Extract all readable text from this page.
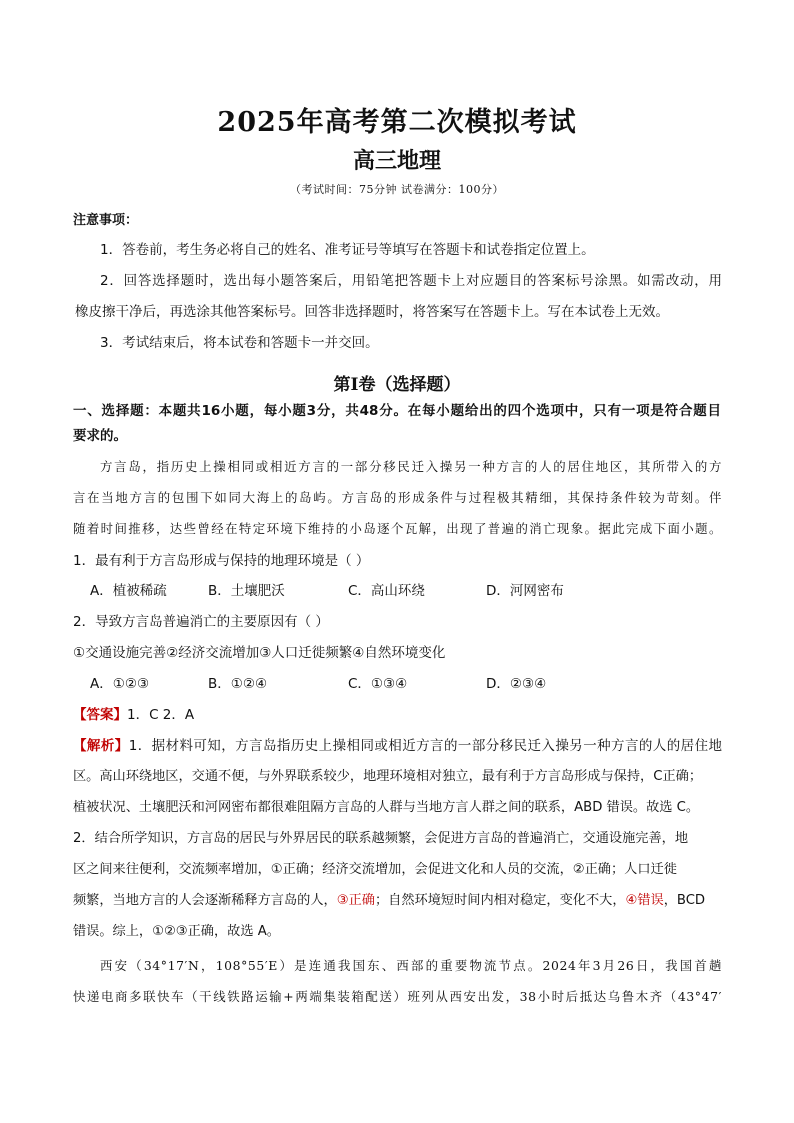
2025年高考第二次模拟考试
高三地理
（考试时间：75分钟 试卷满分：100分）
注意事项：
1．答卷前，考生务必将自己的姓名、准考证号等填写在答题卡和试卷指定位置上。
2．回答选择题时，选出每小题答案后，用铅笔把答题卡上对应题目的答案标号涂黑。如需改动，用
橡皮擦干净后，再选涂其他答案标号。回答非选择题时，将答案写在答题卡上。写在本试卷上无效。
3．考试结束后，将本试卷和答题卡一并交回。
第Ⅰ卷（选择题）
一、选择题：本题共16小题，每小题3分，共48分。在每小题给出的四个选项中，只有一项是符合题目
要求的。
方言岛，指历史上操相同或相近方言的一部分移民迁入操另一种方言的人的居住地区，其所带入的方
言在当地方言的包围下如同大海上的岛屿。方言岛的形成条件与过程极其精细，其保持条件较为苛刻。伴
随着时间推移，达些曾经在特定环境下维持的小岛逐个瓦解，出现了普遍的消亡现象。据此完成下面小题。
1．最有利于方言岛形成与保持的地理环境是（ ）
A．植被稀疏	B．土壤肥沃	C．高山环绕	D．河网密布
2．导致方言岛普遍消亡的主要原因有（ ）
①交通设施完善②经济交流增加③人口迁徙频繁④自然环境变化
A．①②③	B．①②④	C．①③④	D．②③④
【答案】1．C 2．A
【解析】1．据材料可知，方言岛指历史上操相同或相近方言的一部分移民迁入操另一种方言的人的居住地
区。高山环绕地区，交通不便，与外界联系较少，地理环境相对独立，最有利于方言岛形成与保持，C正确；
植被状况、土壤肥沃和河网密布都很难阻隔方言岛的人群与当地方言人群之间的联系，ABD 错误。故选 C。
2．结合所学知识，方言岛的居民与外界居民的联系越频繁，会促进方言岛的普遍消亡，交通设施完善，地
区之间来往便利，交流频率增加，①正确；经济交流增加，会促进文化和人员的交流，②正确；人口迁徙
频繁，当地方言的人会逐渐稀释方言岛的人，③正确；自然环境短时间内相对稳定，变化不大，④错误，BCD
错误。综上，①②③正确，故选 A。
西安（34°17′N，108°55′E）是连通我国东、西部的重要物流节点。2024年3月26日，我国首趟
快递电商多联快车（干线铁路运输+两端集装箱配送）班列从西安出发，38小时后抵达乌鲁木齐（43°47′
